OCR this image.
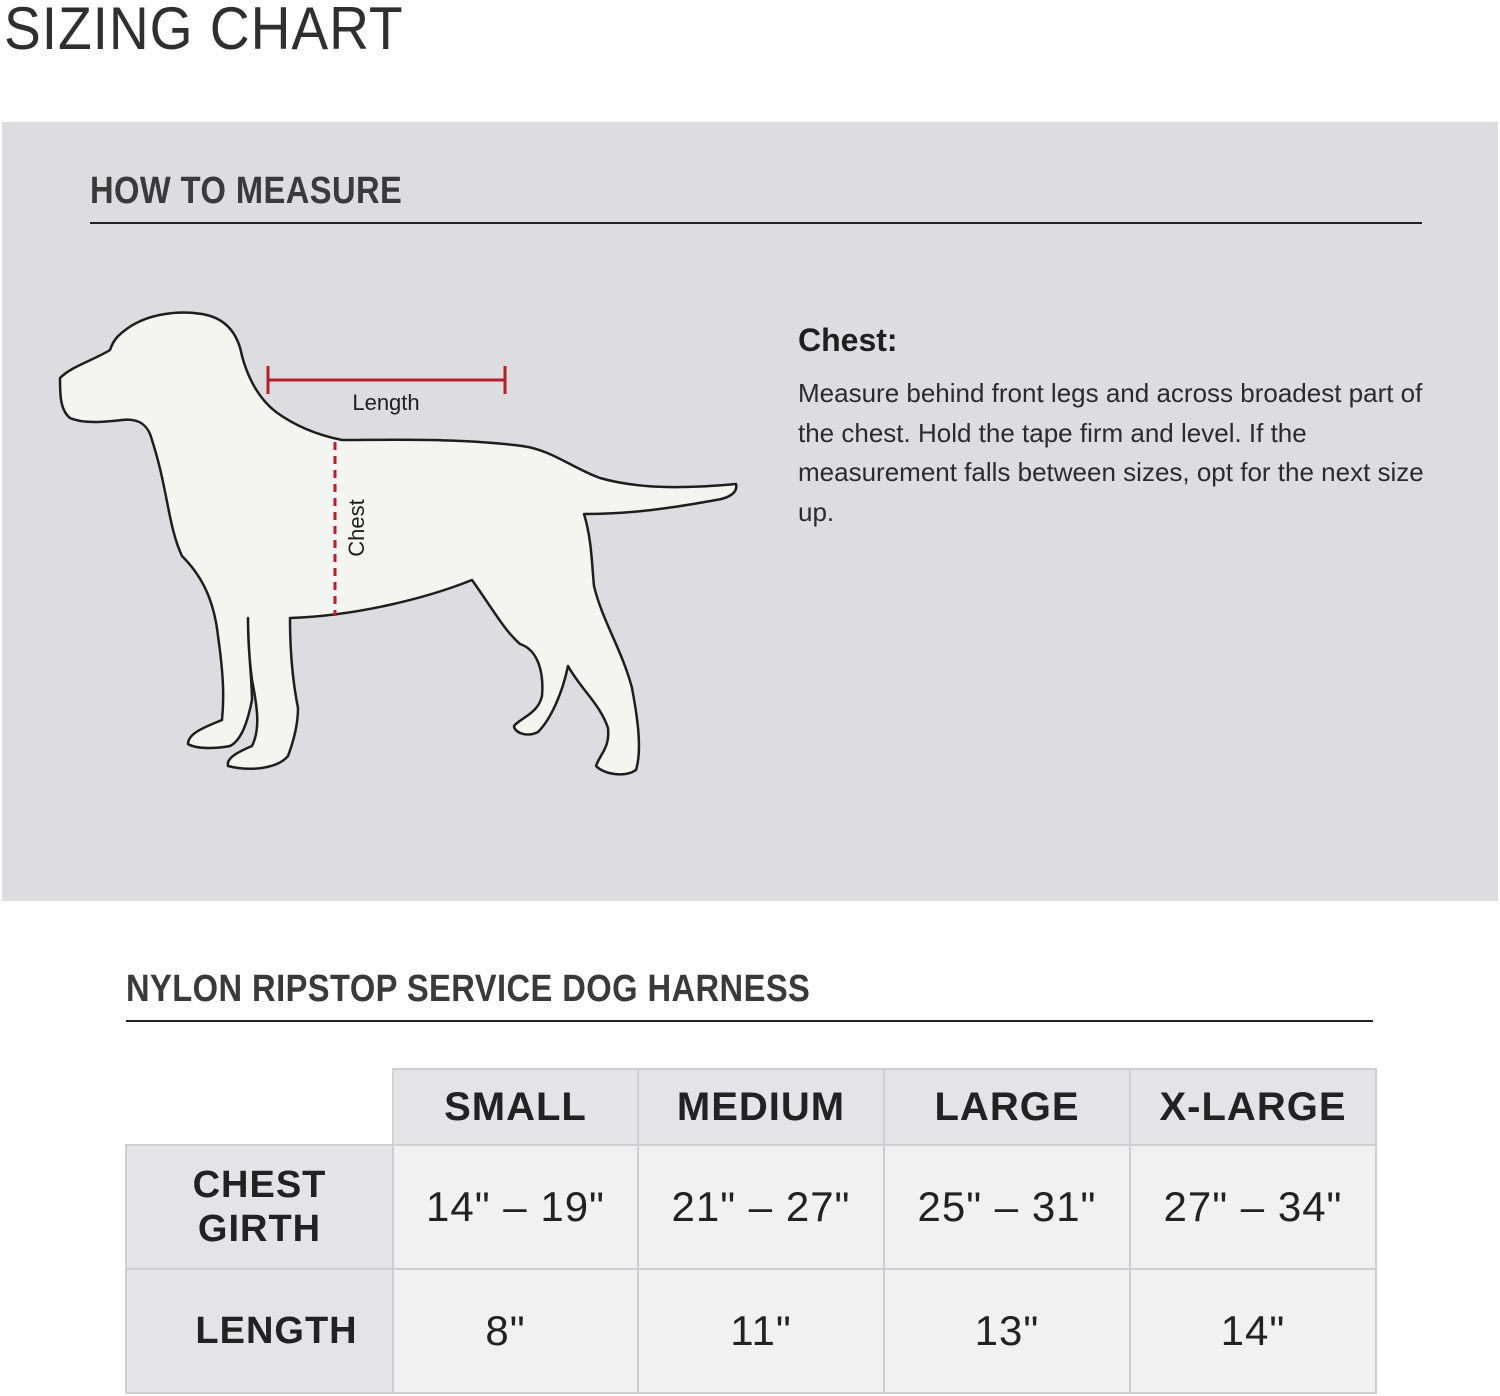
SIZING CHART
HOW TO MEASURE
Length
Chest
Chest:
Measure behind front legs and across broadest part of the chest. Hold the tape firm and level. If the measurement falls between sizes, opt for the next size up.
NYLON RIPSTOP SERVICE DOG HARNESS
	SMALL	MEDIUM	LARGE	X-LARGE

CHEST
GIRTH	14" – 19"	21" – 27"	25" – 31"	27" – 34"

LENGTH	8"	11"	13"	14"
